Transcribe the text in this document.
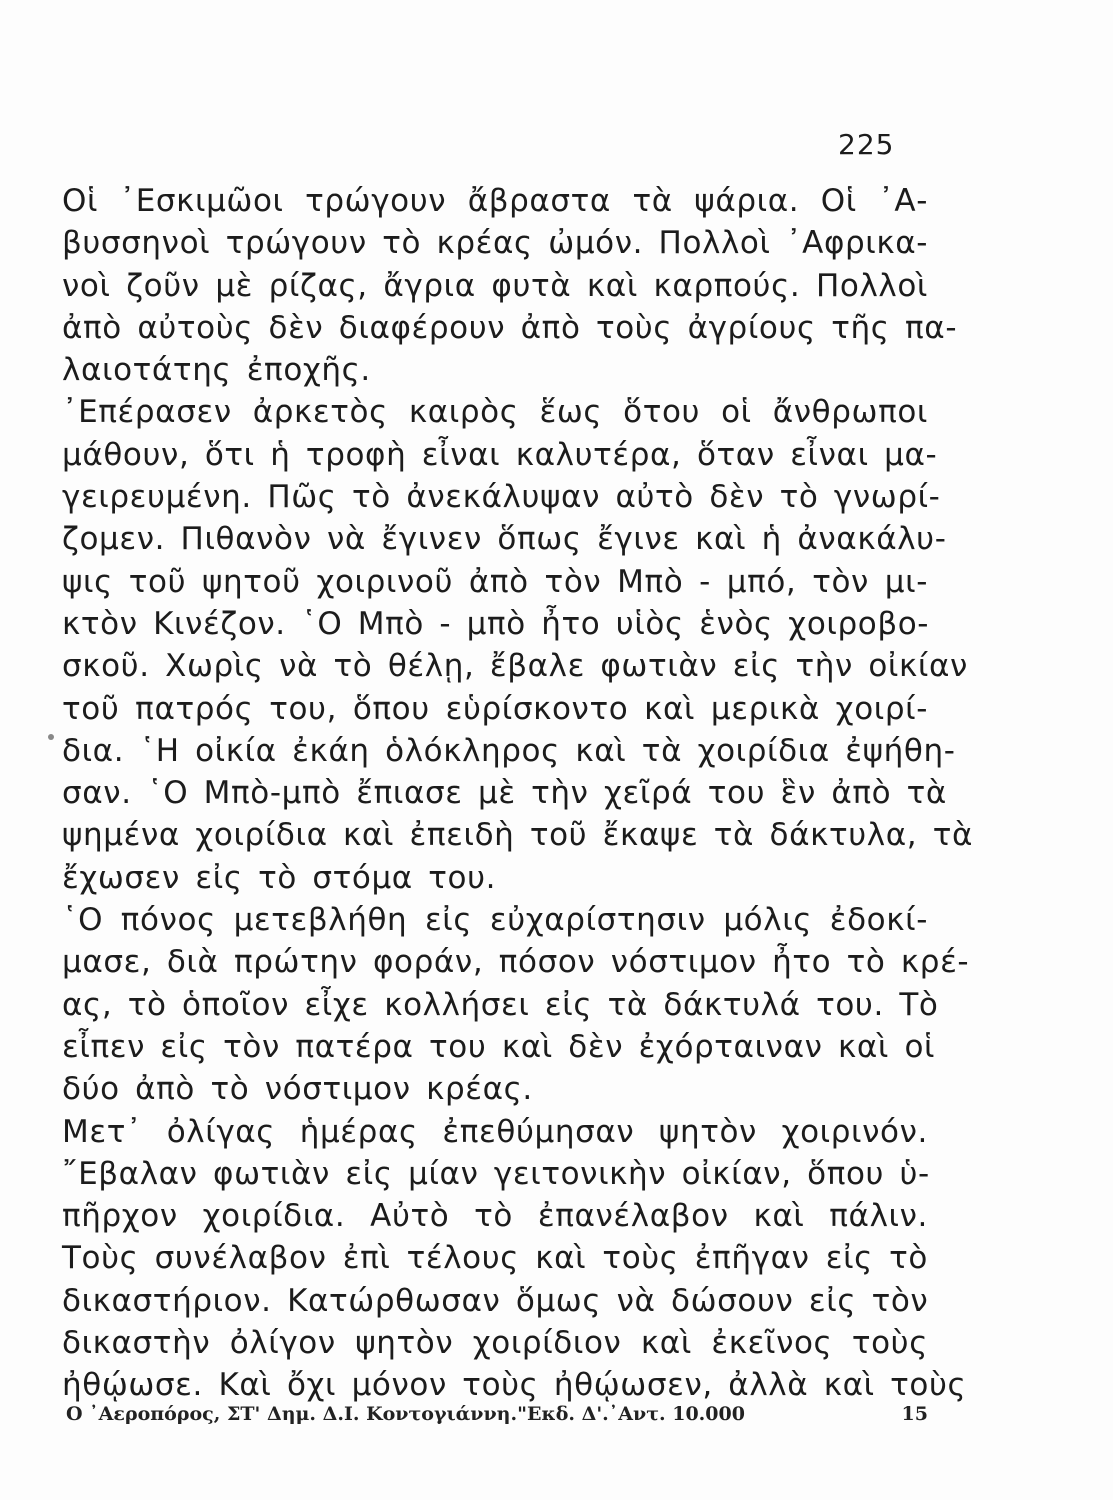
225
Οἱ ᾿Εσκιμῶοι τρώγουν ἄβραστα τὰ ψάρια. Οἱ ᾿Α-
βυσσηνοὶ τρώγουν τὸ κρέας ὠμόν. Πολλοὶ ᾿Αφρικα-
νοὶ ζοῦν μὲ ρίζας, ἄγρια φυτὰ καὶ καρπούς. Πολλοὶ
ἀπὸ αὐτοὺς δὲν διαφέρουν ἀπὸ τοὺς ἀγρίους τῆς πα-
λαιοτάτης ἐποχῆς.
᾿Επέρασεν ἀρκετὸς καιρὸς ἕως ὅτου οἱ ἄνθρωποι
μάθουν, ὅτι ἡ τροφὴ εἶναι καλυτέρα, ὅταν εἶναι μα-
γειρευμένη. Πῶς τὸ ἀνεκάλυψαν αὐτὸ δὲν τὸ γνωρί-
ζομεν. Πιθανὸν νὰ ἔγινεν ὅπως ἔγινε καὶ ἡ ἀνακάλυ-
ψις τοῦ ψητοῦ χοιρινοῦ ἀπὸ τὸν Μπὸ - μπό, τὸν μι-
κτὸν Κινέζον. ῾Ο Μπὸ - μπὸ ἦτο υἱὸς ἑνὸς χοιροβο-
σκοῦ. Χωρὶς νὰ τὸ θέλῃ, ἔβαλε φωτιὰν εἰς τὴν οἰκίαν
τοῦ πατρός του, ὅπου εὑρίσκοντο καὶ μερικὰ χοιρί-
δια. ῾Η οἰκία ἐκάη ὁλόκληρος καὶ τὰ χοιρίδια ἐψήθη-
σαν. ῾Ο Μπὸ-μπὸ ἔπιασε μὲ τὴν χεῖρά του ἓν ἀπὸ τὰ
ψημένα χοιρίδια καὶ ἐπειδὴ τοῦ ἔκαψε τὰ δάκτυλα, τὰ
ἔχωσεν εἰς τὸ στόμα του.
῾Ο πόνος μετεβλήθη εἰς εὐχαρίστησιν μόλις ἐδοκί-
μασε, διὰ πρώτην φοράν, πόσον νόστιμον ἦτο τὸ κρέ-
ας, τὸ ὁποῖον εἶχε κολλήσει εἰς τὰ δάκτυλά του. Τὸ
εἶπεν εἰς τὸν πατέρα του καὶ δὲν ἐχόρταιναν καὶ οἱ
δύο ἀπὸ τὸ νόστιμον κρέας.
Μετ᾿ ὀλίγας ἡμέρας ἐπεθύμησαν ψητὸν χοιρινόν.
῎Εβαλαν φωτιὰν εἰς μίαν γειτονικὴν οἰκίαν, ὅπου ὑ-
πῆρχον χοιρίδια. Αὐτὸ τὸ ἐπανέλαβον καὶ πάλιν.
Τοὺς συνέλαβον ἐπὶ τέλους καὶ τοὺς ἐπῆγαν εἰς τὸ
δικαστήριον. Κατώρθωσαν ὅμως νὰ δώσουν εἰς τὸν
δικαστὴν ὀλίγον ψητὸν χοιρίδιον καὶ ἐκεῖνος τοὺς
ἠθῴωσε. Καὶ ὄχι μόνον τοὺς ἠθῴωσεν, ἀλλὰ καὶ τοὺς
Ο ᾿Αεροπόρος, ΣΤ' Δημ. Δ.Ι. Κοντογιάννη."Εκδ. Δ'.᾿Αντ. 10.000	15
